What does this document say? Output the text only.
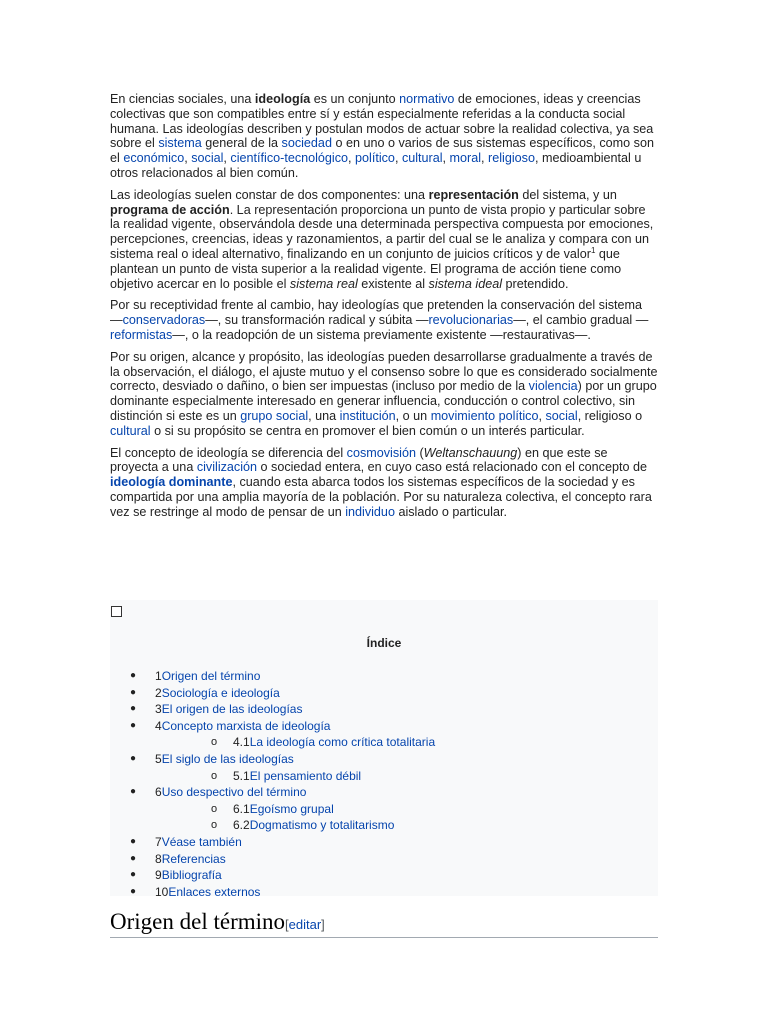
En ciencias sociales, una ideología es un conjunto normativo de emociones, ideas y creencias colectivas que son compatibles entre sí y están especialmente referidas a la conducta social humana. Las ideologías describen y postulan modos de actuar sobre la realidad colectiva, ya sea sobre el sistema general de la sociedad o en uno o varios de sus sistemas específicos, como son el económico, social, científico-tecnológico, político, cultural, moral, religioso, medioambiental u otros relacionados al bien común.

Las ideologías suelen constar de dos componentes: una representación del sistema, y un programa de acción. La representación proporciona un punto de vista propio y particular sobre la realidad vigente, observándola desde una determinada perspectiva compuesta por emociones, percepciones, creencias, ideas y razonamientos, a partir del cual se le analiza y compara con un sistema real o ideal alternativo, finalizando en un conjunto de juicios críticos y de valor$^1$ que plantean un punto de vista superior a la realidad vigente. El programa de acción tiene como objetivo acercar en lo posible el sistema real existente al sistema ideal pretendido.

Por su receptividad frente al cambio, hay ideologías que pretenden la conservación del sistema —conservadoras—, su transformación radical y súbita —revolucionarias—, el cambio gradual —reformistas—, o la readopción de un sistema previamente existente —restaurativas—.

Por su origen, alcance y propósito, las ideologías pueden desarrollarse gradualmente a través de la observación, el diálogo, el ajuste mutuo y el consenso sobre lo que es considerado socialmente correcto, desviado o dañino, o bien ser impuestas (incluso por medio de la violencia) por un grupo dominante especialmente interesado en generar influencia, conducción o control colectivo, sin distinción si este es un grupo social, una institución, o un movimiento político, social, religioso o cultural o si su propósito se centra en promover el bien común o un interés particular.

El concepto de ideología se diferencia del cosmovisión (Weltanschauung) en que este se proyecta a una civilización o sociedad entera, en cuyo caso está relacionado con el concepto de ideología dominante, cuando esta abarca todos los sistemas específicos de la sociedad y es compartida por una amplia mayoría de la población. Por su naturaleza colectiva, el concepto rara vez se restringe al modo de pensar de un individuo aislado o particular.

Índice
● 1Origen del término
● 2Sociología e ideología
● 3El origen de las ideologías
● 4Concepto marxista de ideología
o 4.1La ideología como crítica totalitaria
● 5El siglo de las ideologías
o 5.1El pensamiento débil
● 6Uso despectivo del término
o 6.1Egoísmo grupal
o 6.2Dogmatismo y totalitarismo
● 7Véase también
● 8Referencias
● 9Bibliografía
● 10Enlaces externos
Origen del término[editar]
